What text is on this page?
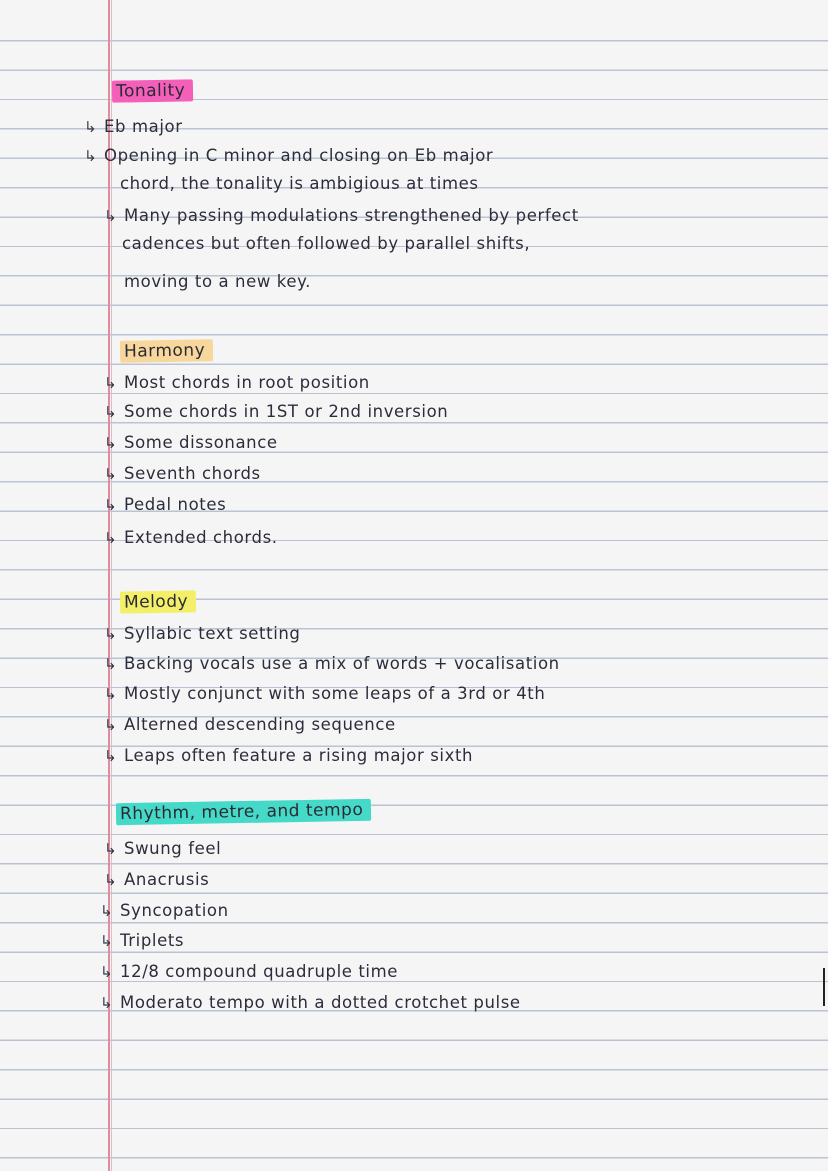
Tonality
↳ Eb major
↳ Opening in C minor and closing on Eb major
chord, the tonality is ambigious at times
↳ Many passing modulations strengthened by perfect
cadences but often followed by parallel shifts,
moving to a new key.
Harmony
↳ Most chords in root position
↳ Some chords in 1ST or 2nd inversion
↳ Some dissonance
↳ Seventh chords
↳ Pedal notes
↳ Extended chords.
Melody
↳ Syllabic text setting
↳ Backing vocals use a mix of words + vocalisation
↳ Mostly conjunct with some leaps of a 3rd or 4th
↳ Alterned descending sequence
↳ Leaps often feature a rising major sixth
Rhythm, metre, and tempo
↳ Swung feel
↳ Anacrusis
↳ Syncopation
↳ Triplets
↳ 12/8 compound quadruple time
↳ Moderato tempo with a dotted crotchet pulse
